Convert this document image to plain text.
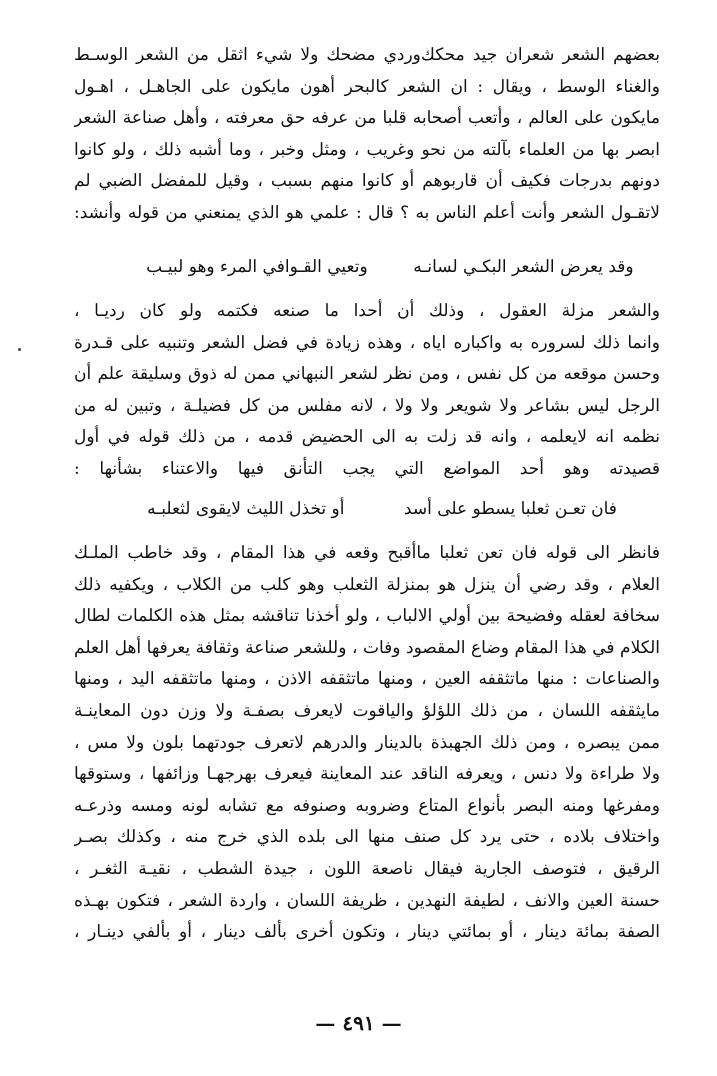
بعضهم الشعر شعران جيد محكك‌وردي مضحك ولا شيء اثقل من الشعر الوسـط
والغناء الوسط ، ويقال : ان الشعر كالبحر أهون مايكون على الجاهـل ، اهـول
مايكون على العالم ، وأتعب أصحابه قلبا من عرفه حق معرفته ، وأهل صناعة الشعر
ابصر بها من العلماء بآلته من نحو وغريب ، ومثل وخبر ، وما أشبه ذلك ، ولو كانوا
دونهم بدرجات فكيف أن قاربوهم أو كانوا منهم بسبب ، وقيل للمفضل الضبي لم
لاتقـول الشعر وأنت أعلم الناس به ؟ قال : علمي هو الذي يمنعني من قوله وأنشد:
وقد يعرض الشعر البكـي لسانـه وتعيي القـوافي المرء وهو لبيـب
والشعر مزلة العقول ، وذلك أن أحدا ما صنعه فكتمه ولو كان رديـا ،
وانما ذلك لسروره به واكباره اياه ، وهذه زيادة في فضل الشعر وتنبيه على قـدرة
وحسن موقعه من كل نفس ، ومن نظر لشعر النبهاني ممن له ذوق وسليقة علم أن
الرجل ليس بشاعر ولا شويعر ولا ولا ، لانه مفلس من كل فضيلـة ، وتبين له من
نظمه انه لايعلمه ، وانه قد زلت به الى الحضيض قدمه ، من ذلك قوله في أول
قصيدته وهو أحد المواضع التي يجب التأنق فيها والاعتناء بشأنها :
فان تعـن ثعلبا يسطو على أسد أو تخذل الليث لايقوى لثعلبـه
فانظر الى قوله فان تعن ثعلبا ماأقبح وقعه في هذا المقام ، وقد خاطب الملـك
العلام ، وقد رضي أن ينزل هو بمنزلة الثعلب وهو كلب من الكلاب ، ويكفيه ذلك
سخافة لعقله وفضيحة بين أولي الالباب ، ولو أخذنا تناقشه بمثل هذه الكلمات لطال
الكلام في هذا المقام وضاع المقصود وفات ، وللشعر صناعة وثقافة يعرفها أهل العلم
والصناعات : منها ماتثقفه العين ، ومنها ماتثقفه الاذن ، ومنها ماتثقفه اليد ، ومنها
مايثقفه اللسان ، من ذلك اللؤلؤ والياقوت لايعرف بصفـة ولا وزن دون المعاينـة
ممن يبصره ، ومن ذلك الجهبذة بالدينار والدرهم لاتعرف جودتهما بلون ولا مس ،
ولا طراءة ولا دنس ، ويعرفه الناقد عند المعاينة فيعرف بهرجهـا وزائفها ، وستوقها
ومفرغها ومنه البصر بأنواع المتاع وضروبه وصنوفه مع تشابه لونه ومسه وذرعـه
واختلاف بلاده ، حتى يرد كل صنف منها الى بلده الذي خرج منه ، وكذلك بصـر
الرقيق ، فتوصف الجارية فيقال ناصعة اللون ، جيدة الشطب ، نقيـة الثغـر ،
حسنة العين والانف ، لطيفة النهدين ، ظريفة اللسان ، واردة الشعر ، فتكون بهـذه
الصفة بمائة دينار ، أو بمائتي دينار ، وتكون أخرى بألف دينار ، أو بألفي دينـار ،
— ٤٩١ —
